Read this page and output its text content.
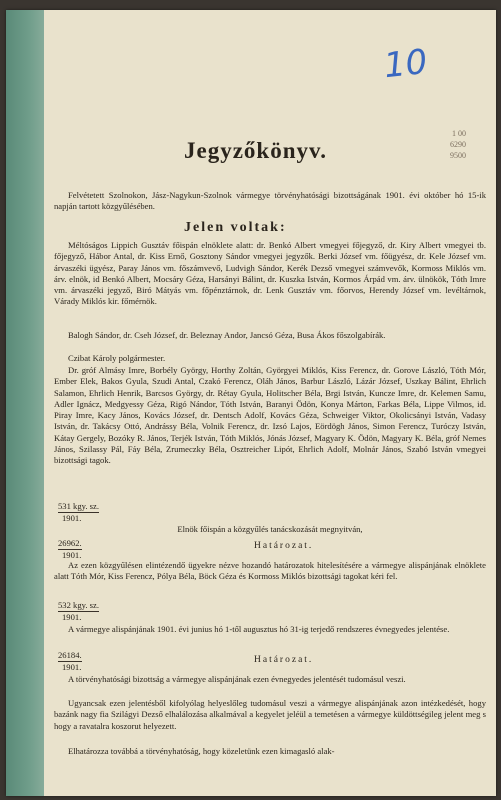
10
1 00
6290
9500
Jegyzőkönyv.

Felvétetett Szolnokon, Jász-Nagykun-Szolnok vármegye törvényhatósági bizottságának 1901. évi október hó 15-ik napján tartott közgyűlésében.

Jelen voltak:

Méltóságos Lippich Gusztáv főispán elnöklete alatt: dr. Benkó Albert vmegyei főjegyző, dr. Kiry Albert vmegyei tb. főjegyző, Hábor Antal, dr. Kiss Ernő, Gosztony Sándor vmegyei jegyzők. Berki József vm. főügyész, dr. Kele József vm. árvaszéki ügyész, Paray János vm. főszámvevő, Ludvigh Sándor, Kerék Dezső vmegyei számvevők, Kormoss Miklós vm. árv. elnök, id Benkó Albert, Mocsáry Géza, Harsányi Bálint, dr. Kuszka István, Kormos Árpád vm. árv. ülnökök, Tóth Imre vm. árvaszéki jegyző, Biró Mátyás vm. főpénztárnok, dr. Lenk Gusztáv vm. főorvos, Herendy József vm. levéltárnok, Várady Miklós kir. főmérnök.

Balogh Sándor, dr. Cseh József, dr. Beleznay Andor, Jancsó Géza, Busa Ákos főszolgabírák.

Czibat Károly polgármester.

Dr. gróf Almásy Imre, Borbély György, Horthy Zoltán, Györgyei Miklós, Kiss Ferencz, dr. Gorove László, Tóth Mór, Ember Elek, Bakos Gyula, Szudi Antal, Czakó Ferencz, Oláh János, Barbur László, Lázár József, Uszkay Bálint, Ehrlich Salamon, Ehrlich Henrik, Barcsos György, dr. Rétay Gyula, Holitscher Béla, Brgi István, Kuncze Imre, dr. Kelemen Samu, Adler Ignácz, Medgyessy Géza, Rigó Nándor, Tóth István, Baranyi Ödön, Konya Márton, Farkas Béla, Lippe Vilmos, id. Piray Imre, Kacy János, Kovács József, dr. Dentsch Adolf, Kovács Géza, Schweiger Viktor, Okolicsányi István, Vadasy István, dr. Takácsy Ottó, Andrássy Béla, Volnik Ferencz, dr. Izsó Lajos, Eördögh János, Simon Ferencz, Turóczy István, Kátay Gergely, Bozóky R. János, Terjék István, Tóth Miklós, Jónás József, Magyary K. Ödön, Magyary K. Béla, gróf Nemes János, Szilassy Pál, Fáy Béla, Zrumeczky Béla, Osztreicher Lipót, Ehrlich Adolf, Molnár János, Szabó István vmegyei bizottsági tagok.

531 kgy. sz.
1901.

Elnök főispán a közgyűlés tanácskozását megnyitván,

26962.
1901.
Határozat.

Az ezen közgyűlésen elintézendő ügyekre nézve hozandó határozatok hitelesítésére a vármegye alispánjának elnöklete alatt Tóth Mór, Kiss Ferencz, Pólya Béla, Böck Géza és Kormoss Miklós bizottsági tagokat kéri fel.

532 kgy. sz.
1901.

A vármegye alispánjának 1901. évi junius hó 1-től augusztus hó 31-ig terjedő rendszeres évnegyedes jelentése.

26184.
1901.
Határozat.

A törvényhatósági bizottság a vármegye alispánjának ezen évnegyedes jelentését tudomásul veszi.

Ugyancsak ezen jelentésből kifolyólag helyeslőleg tudomásul veszi a vármegye alispánjának azon intézkedését, hogy bazánk nagy fia Szilágyi Dezső elhalálozása alkalmával a kegyelet jeléül a temetésen a vármegye küldöttségileg jelent meg s hogy a ravatalra koszorut helyezett.

Elhatározza továbbá a törvényhatóság, hogy közeletünk ezen kimagasló alak-
